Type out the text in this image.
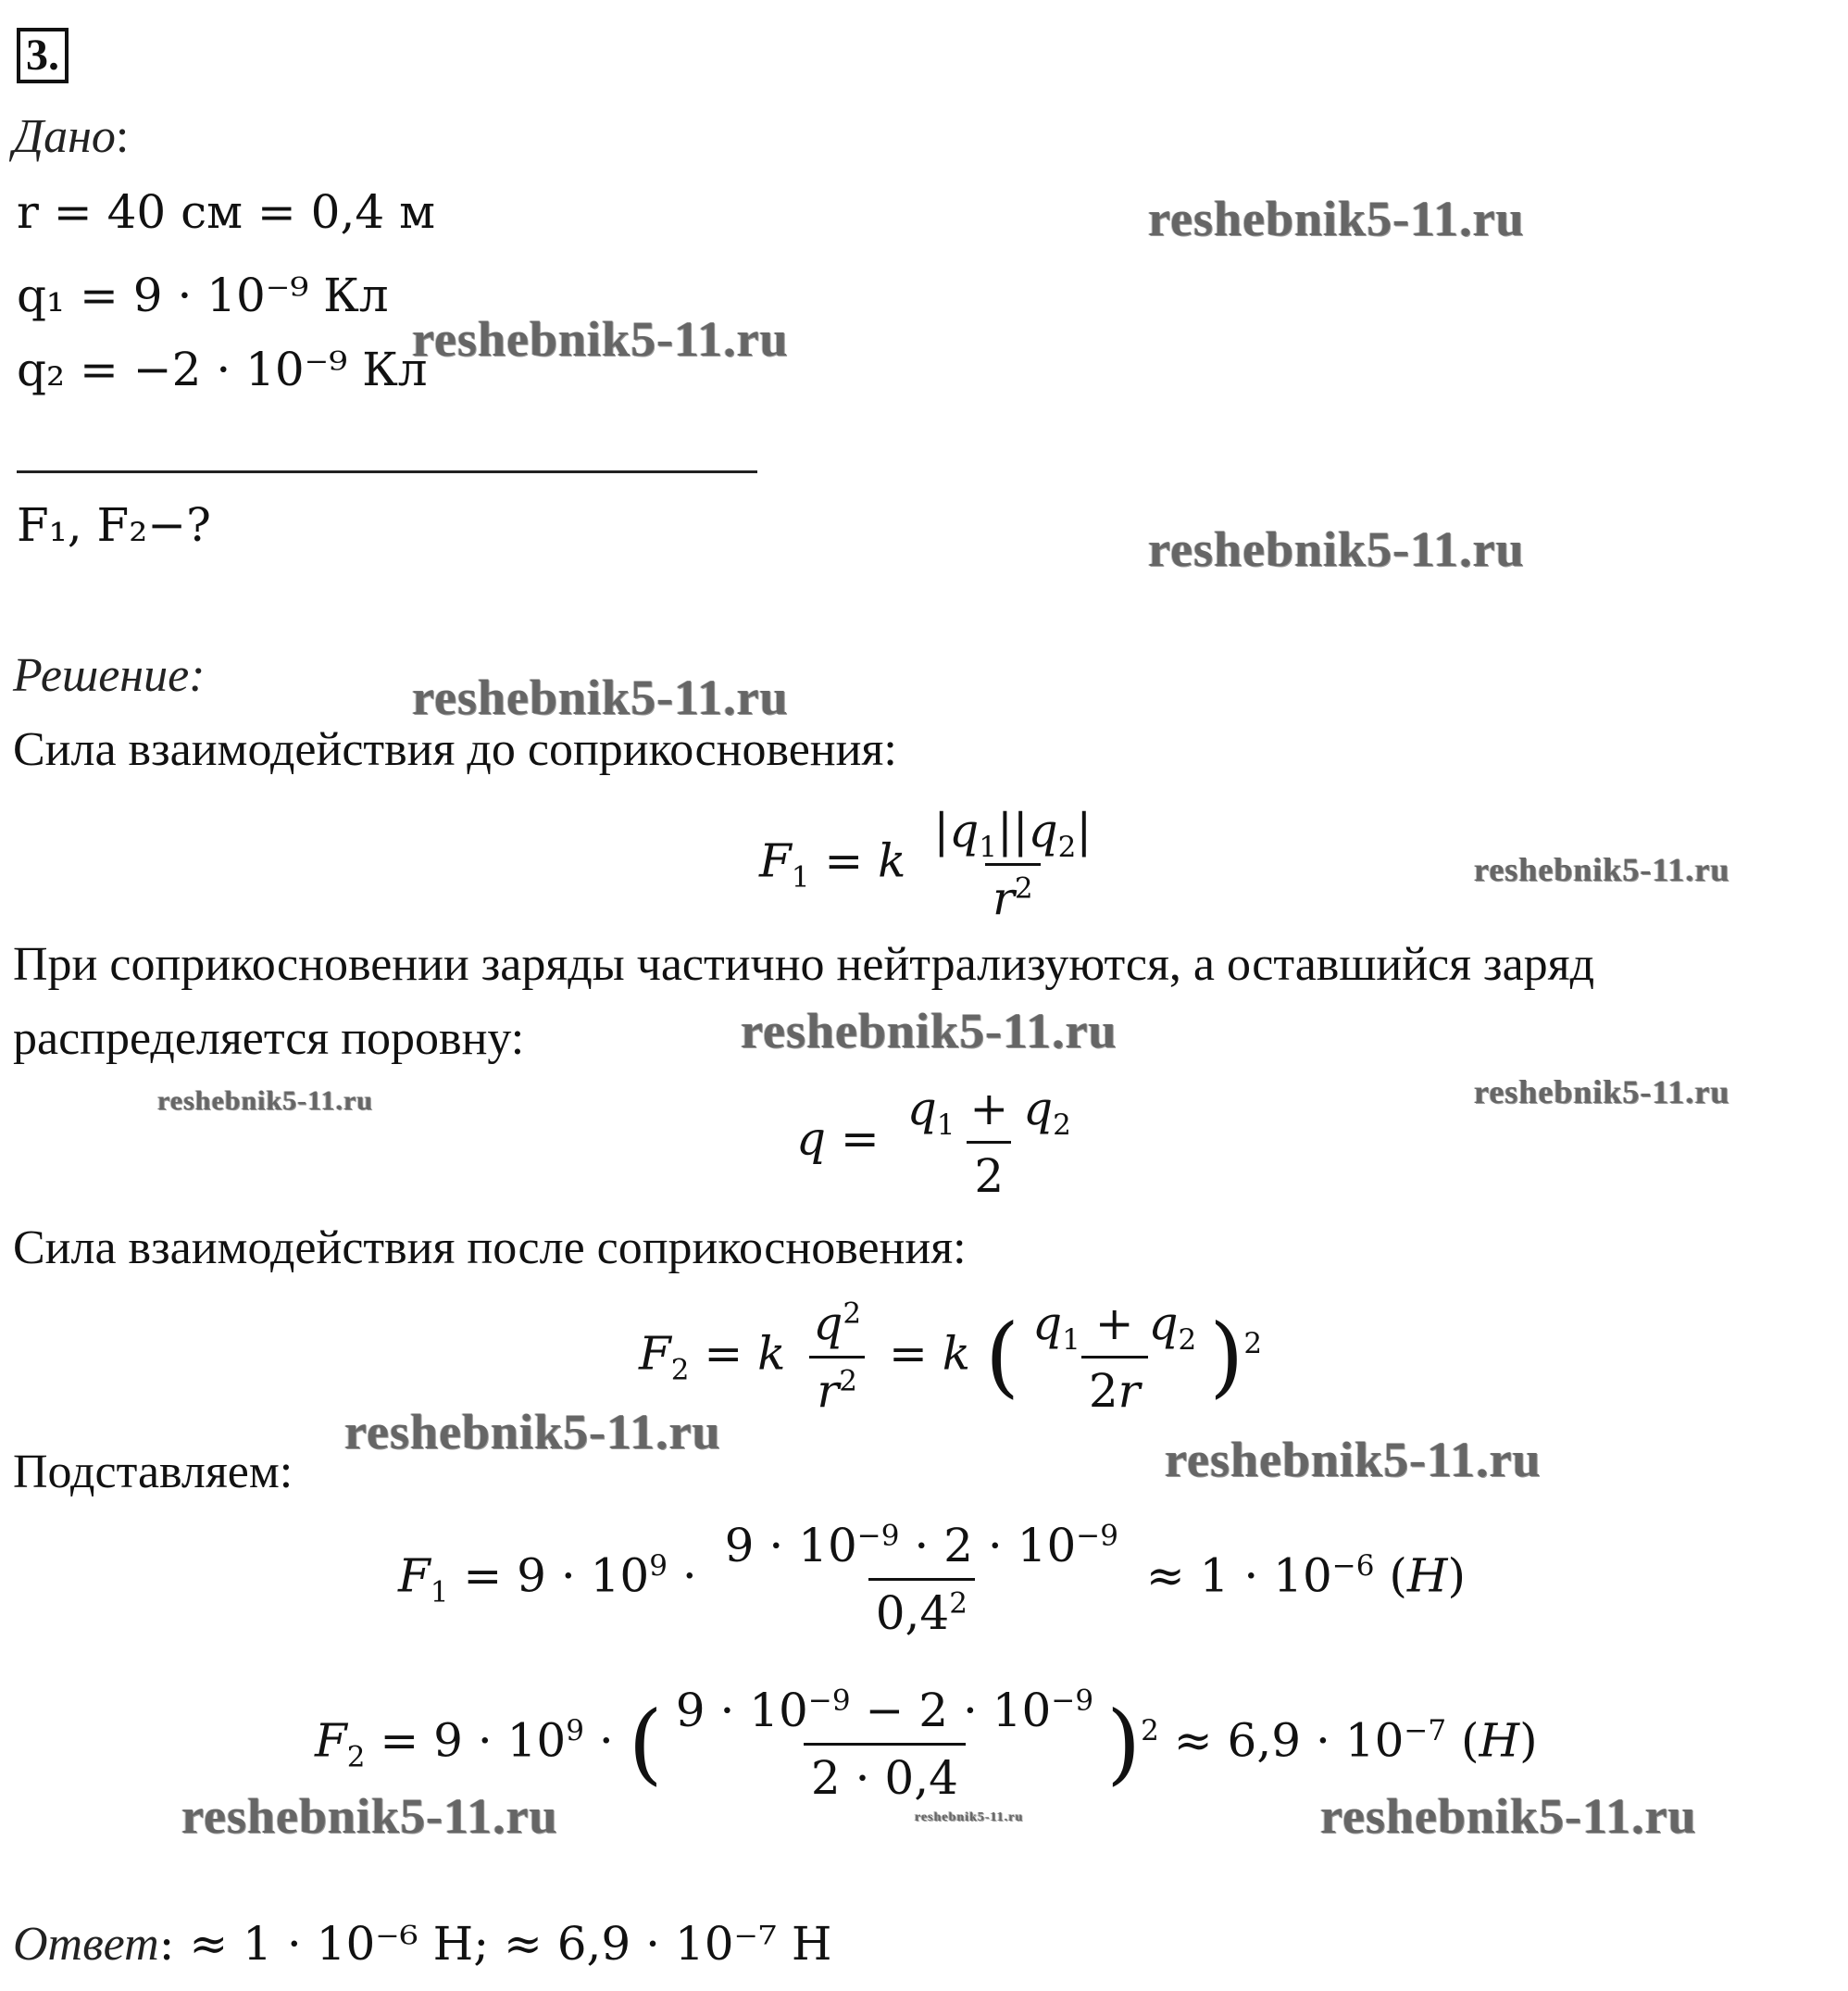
3.
Дано:
r = 40 см = 0,4 м
q₁ = 9 · 10⁻⁹ Кл
q₂ = −2 · 10⁻⁹ Кл
F₁, F₂−?
Решение:
Сила взаимодействия до соприкосновения:
$F_1 = k \frac{|q_1||q_2|}{r^2}$
При соприкосновении заряды частично нейтрализуются, а оставшийся заряд
распределяется поровну:
$q = \frac{q_1 + q_2}{2}$
Сила взаимодействия после соприкосновения:
$F_2 = k \frac{q^2}{r^2} = k$ ( $\frac{q_1 + q_2}{2r} )^2$
Подставляем:
$F_1 = 9 \cdot 10^9 \cdot \frac{9 \cdot 10^{-9} \cdot 2 \cdot 10^{-9}}{0,4^2} \approx 1 \cdot 10^{-6}$ (H)
$F_2 = 9 \cdot 10^9$ · ( $\frac{9 \cdot 10^{-9} - 2 \cdot 10^{-9}}{2 \cdot 0,4} )^2 \approx 6,9 \cdot 10^{-7}$ (H)
Ответ: ≈ 1 · 10⁻⁶ Н; ≈ 6,9 · 10⁻⁷ Н
reshebnik5-11.ru
reshebnik5-11.ru
reshebnik5-11.ru
reshebnik5-11.ru
reshebnik5-11.ru
reshebnik5-11.ru
reshebnik5-11.ru	reshebnik5-11.ru
reshebnik5-11.ru	reshebnik5-11.ru
reshebnik5-11.ru	reshebnik5-11.ru	reshebnik5-11.ru
